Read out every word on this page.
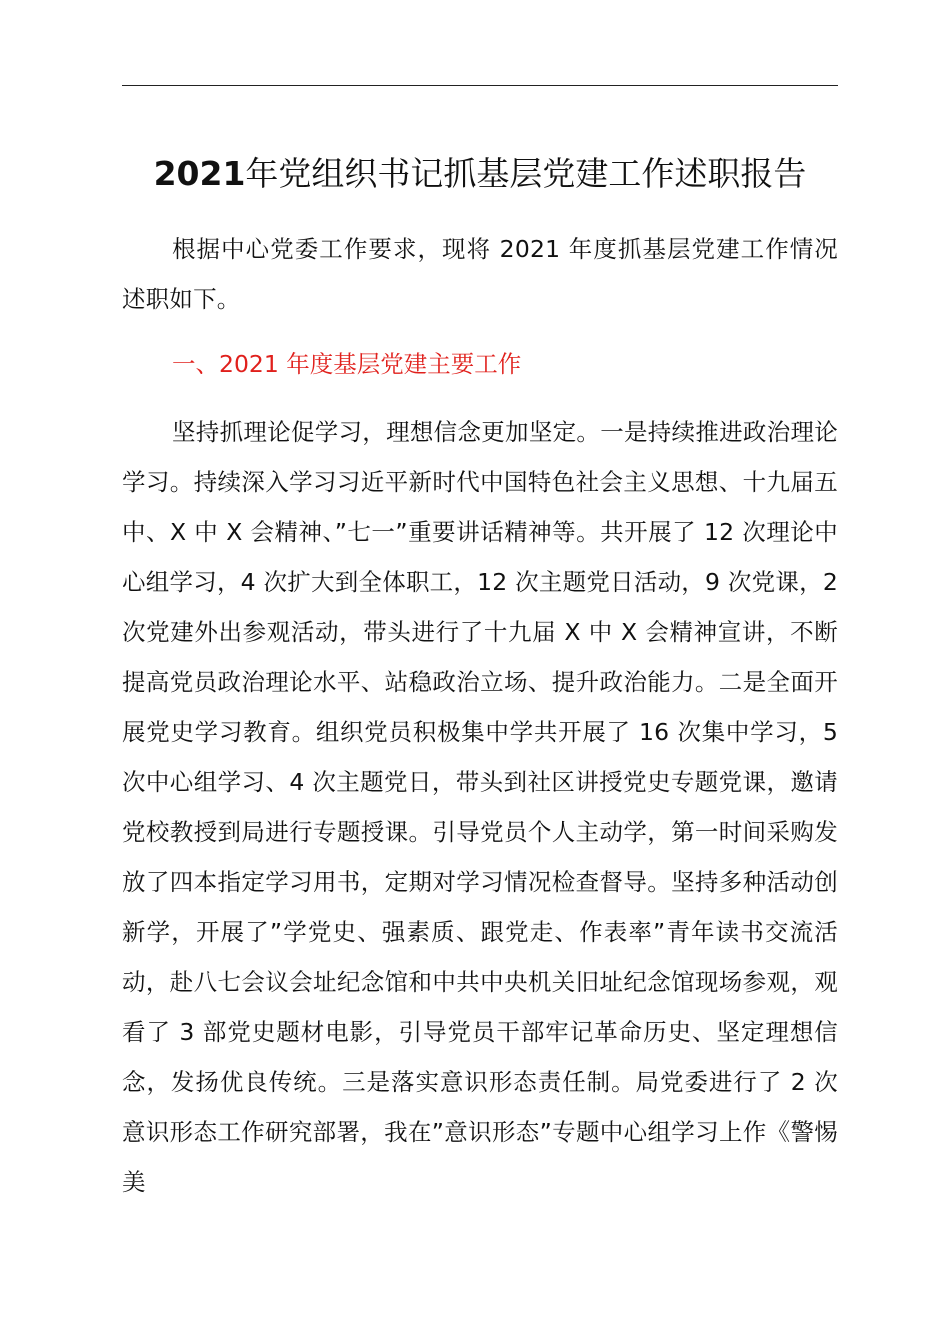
2021年党组织书记抓基层党建工作述职报告

根据中心党委工作要求，现将 2021 年度抓基层党建工作情况述职如下。

一、2021 年度基层党建主要工作

坚持抓理论促学习，理想信念更加坚定。一是持续推进政治理论学习。持续深入学习习近平新时代中国特色社会主义思想、十九届五中、X 中 X 会精神、”七一”重要讲话精神等。共开展了 12 次理论中心组学习，4 次扩大到全体职工，12 次主题党日活动，9 次党课，2 次党建外出参观活动，带头进行了十九届 X 中 X 会精神宣讲，不断提高党员政治理论水平、站稳政治立场、提升政治能力。二是全面开展党史学习教育。组织党员积极集中学共开展了 16 次集中学习，5 次中心组学习、4 次主题党日，带头到社区讲授党史专题党课，邀请党校教授到局进行专题授课。引导党员个人主动学，第一时间采购发放了四本指定学习用书，定期对学习情况检查督导。坚持多种活动创新学，开展了”学党史、强素质、跟党走、作表率”青年读书交流活动，赴八七会议会址纪念馆和中共中央机关旧址纪念馆现场参观，观看了 3 部党史题材电影，引导党员干部牢记革命历史、坚定理想信念，发扬优良传统。三是落实意识形态责任制。局党委进行了 2 次意识形态工作研究部署，我在”意识形态”专题中心组学习上作《警惕美
